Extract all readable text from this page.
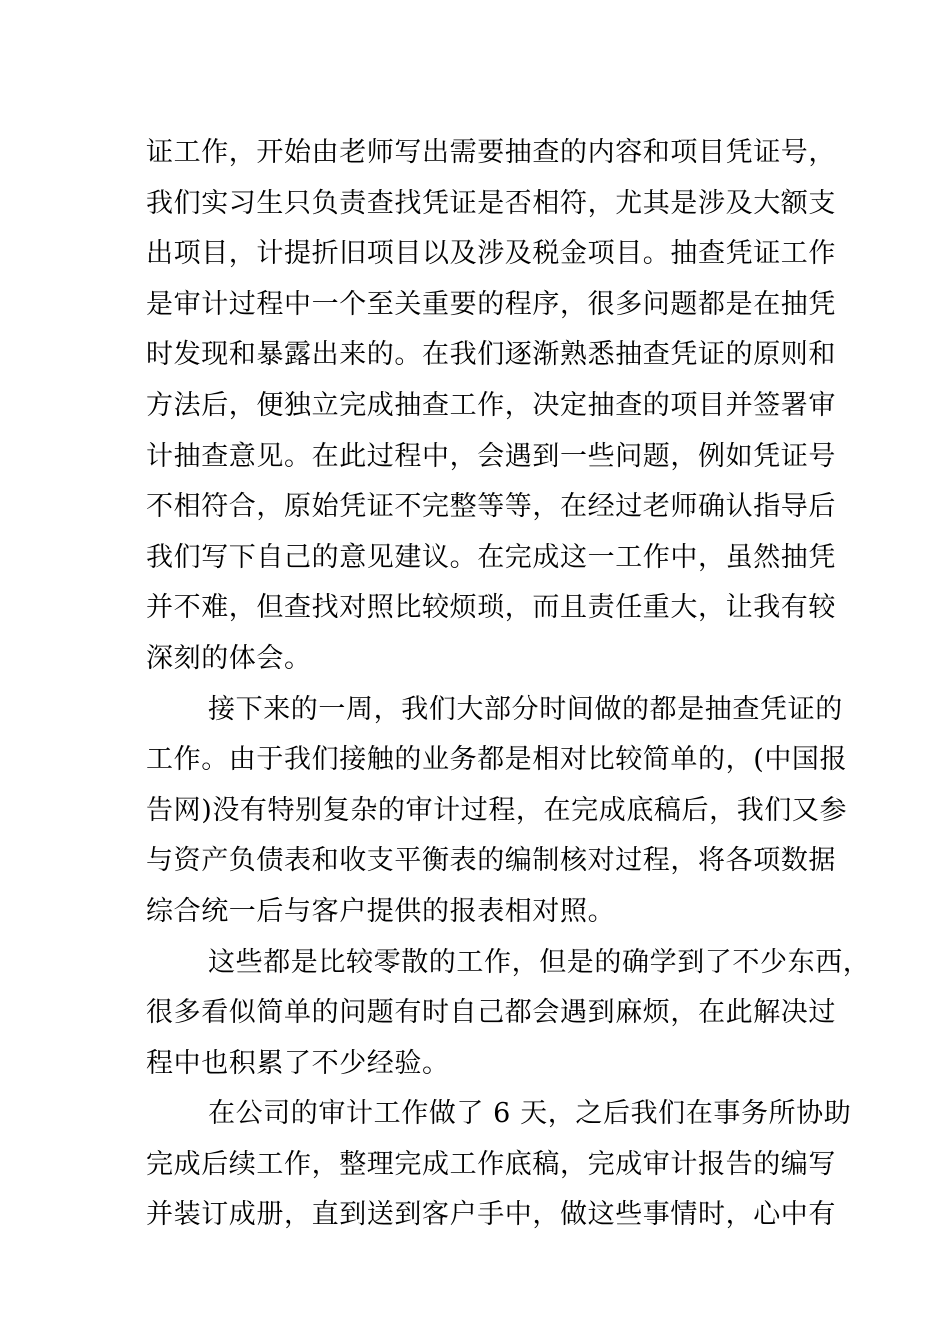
证工作，开始由老师写出需要抽查的内容和项目凭证号，
我们实习生只负责查找凭证是否相符，尤其是涉及大额支
出项目，计提折旧项目以及涉及税金项目。抽查凭证工作
是审计过程中一个至关重要的程序，很多问题都是在抽凭
时发现和暴露出来的。在我们逐渐熟悉抽查凭证的原则和
方法后，便独立完成抽查工作，决定抽查的项目并签署审
计抽查意见。在此过程中，会遇到一些问题，例如凭证号
不相符合，原始凭证不完整等等，在经过老师确认指导后
我们写下自己的意见建议。在完成这一工作中，虽然抽凭
并不难，但查找对照比较烦琐，而且责任重大，让我有较
深刻的体会。
接下来的一周，我们大部分时间做的都是抽查凭证的
工作。由于我们接触的业务都是相对比较简单的，(中国报
告网)没有特别复杂的审计过程，在完成底稿后，我们又参
与资产负债表和收支平衡表的编制核对过程，将各项数据
综合统一后与客户提供的报表相对照。
这些都是比较零散的工作，但是的确学到了不少东西，
很多看似简单的问题有时自己都会遇到麻烦，在此解决过
程中也积累了不少经验。
在公司的审计工作做了 6 天，之后我们在事务所协助
完成后续工作，整理完成工作底稿，完成审计报告的编写
并装订成册，直到送到客户手中，做这些事情时，心中有
